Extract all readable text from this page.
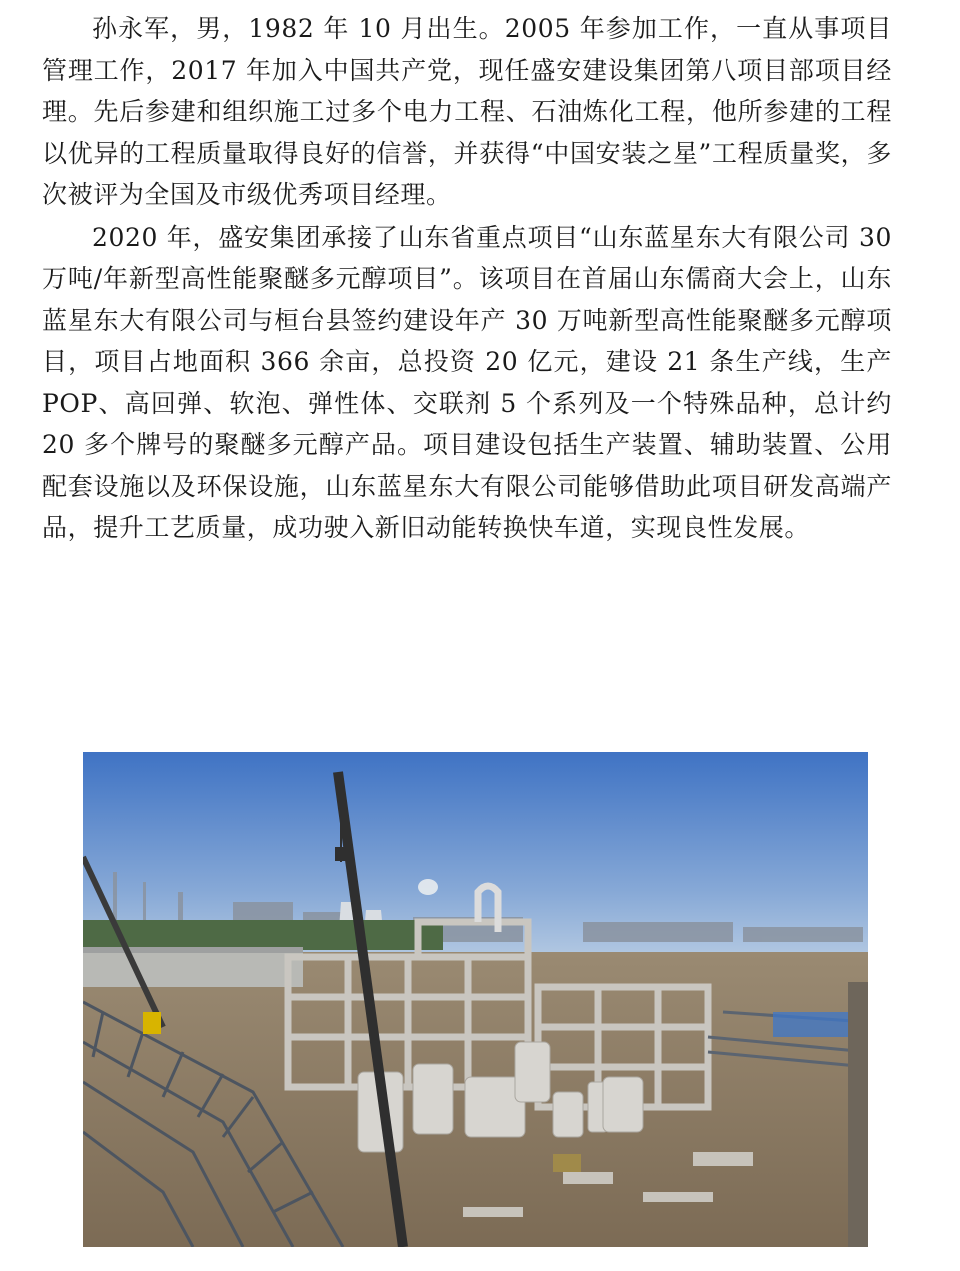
孙永军，男，1982 年 10 月出生。2005 年参加工作，一直从事项目管理工作，2017 年加入中国共产党，现任盛安建设集团第八项目部项目经理。先后参建和组织施工过多个电力工程、石油炼化工程，他所参建的工程以优异的工程质量取得良好的信誉，并获得“中国安装之星”工程质量奖，多次被评为全国及市级优秀项目经理。

2020 年，盛安集团承接了山东省重点项目“山东蓝星东大有限公司 30 万吨/年新型高性能聚醚多元醇项目”。该项目在首届山东儒商大会上，山东蓝星东大有限公司与桓台县签约建设年产 30 万吨新型高性能聚醚多元醇项目，项目占地面积 366 余亩，总投资 20 亿元，建设 21 条生产线，生产 POP、高回弹、软泡、弹性体、交联剂 5 个系列及一个特殊品种，总计约 20 多个牌号的聚醚多元醇产品。项目建设包括生产装置、辅助装置、公用配套设施以及环保设施，山东蓝星东大有限公司能够借助此项目研发高端产品，提升工艺质量，成功驶入新旧动能转换快车道，实现良性发展。
